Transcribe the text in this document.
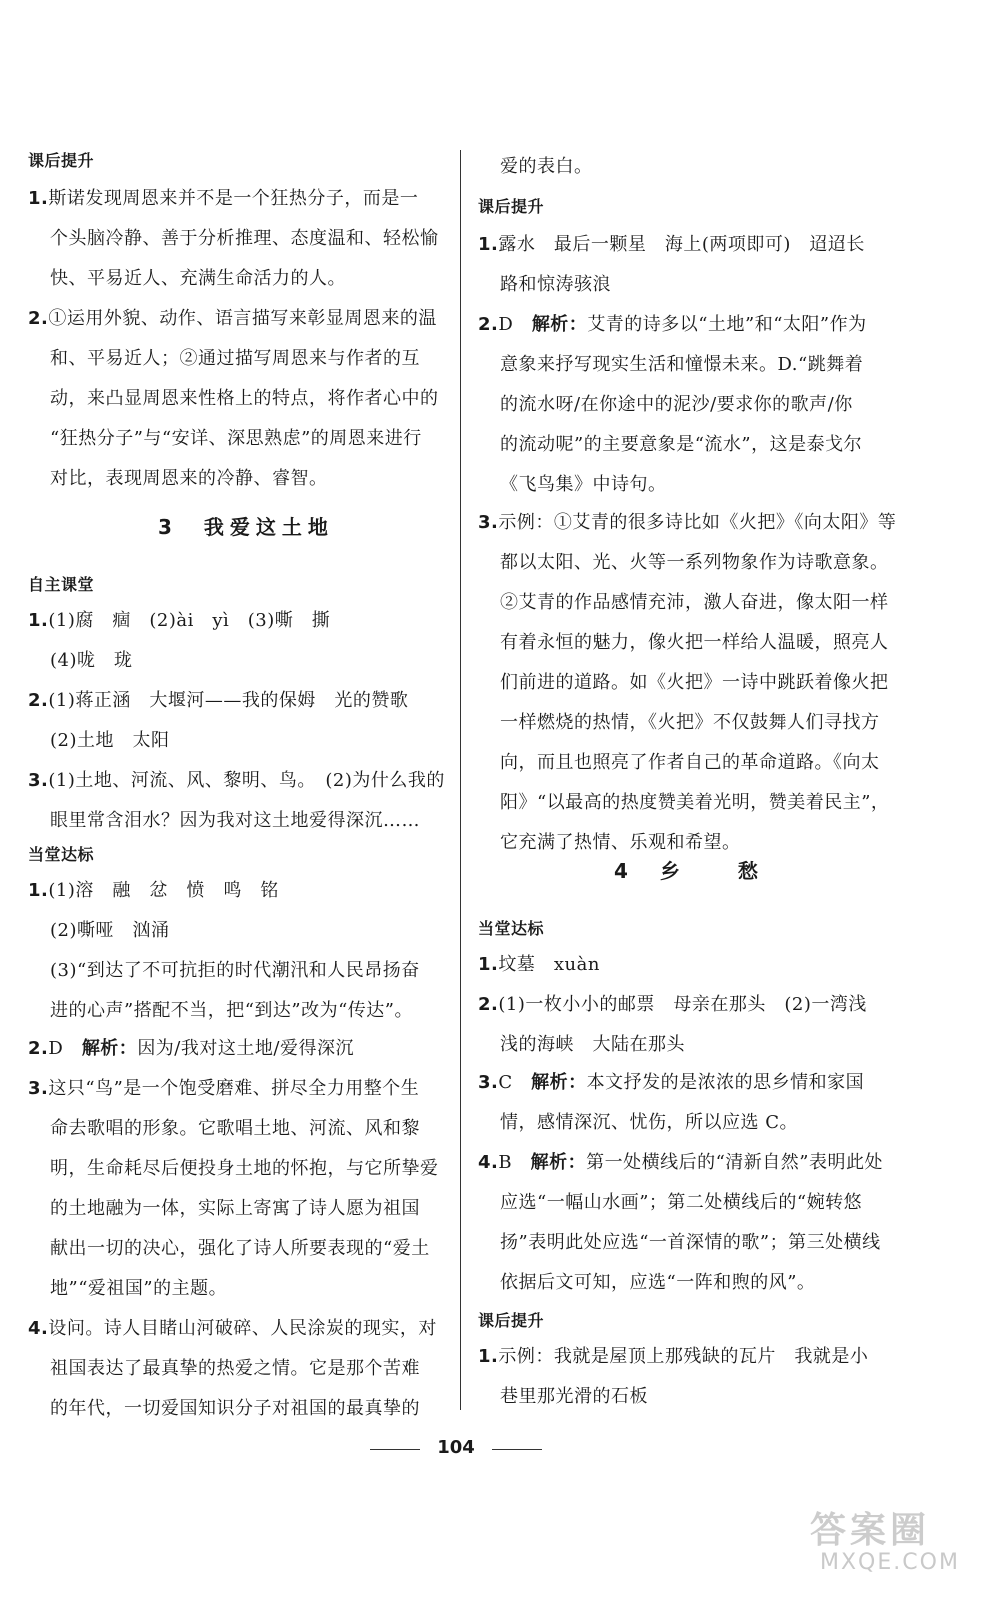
课后提升
1.斯诺发现周恩来并不是一个狂热分子，而是一
个头脑冷静、善于分析推理、态度温和、轻松愉
快、平易近人、充满生命活力的人。
2.①运用外貌、动作、语言描写来彰显周恩来的温
和、平易近人；②通过描写周恩来与作者的互
动，来凸显周恩来性格上的特点，将作者心中的
“狂热分子”与“安详、深思熟虑”的周恩来进行
对比，表现周恩来的冷静、睿智。
3　我爱这土地
自主课堂
1.(1)腐　痼　(2)ài　yì　(3)嘶　撕
(4)咙　珑
2.(1)蒋正涵　大堰河——我的保姆　光的赞歌
(2)土地　太阳
3.(1)土地、河流、风、黎明、鸟。　(2)为什么我的
眼里常含泪水？因为我对这土地爱得深沉……
当堂达标
1.(1)溶　融　忿　愤　鸣　铭
(2)嘶哑　汹涌
(3)“到达了不可抗拒的时代潮汛和人民昂扬奋
进的心声”搭配不当，把“到达”改为“传达”。
2.D　解析：因为/我对这土地/爱得深沉
3.这只“鸟”是一个饱受磨难、拼尽全力用整个生
命去歌唱的形象。它歌唱土地、河流、风和黎
明，生命耗尽后便投身土地的怀抱，与它所挚爱
的土地融为一体，实际上寄寓了诗人愿为祖国
献出一切的决心，强化了诗人所要表现的“爱土
地”“爱祖国”的主题。
4.设问。诗人目睹山河破碎、人民涂炭的现实，对
祖国表达了最真挚的热爱之情。它是那个苦难
的年代，一切爱国知识分子对祖国的最真挚的
爱的表白。
课后提升
1.露水　最后一颗星　海上(两项即可)　迢迢长
路和惊涛骇浪
2.D　解析：艾青的诗多以“土地”和“太阳”作为
意象来抒写现实生活和憧憬未来。D.“跳舞着
的流水呀/在你途中的泥沙/要求你的歌声/你
的流动呢”的主要意象是“流水”，这是泰戈尔
《飞鸟集》中诗句。
3.示例：①艾青的很多诗比如《火把》《向太阳》等
都以太阳、光、火等一系列物象作为诗歌意象。
②艾青的作品感情充沛，激人奋进，像太阳一样
有着永恒的魅力，像火把一样给人温暖，照亮人
们前进的道路。如《火把》一诗中跳跃着像火把
一样燃烧的热情，《火把》不仅鼓舞人们寻找方
向，而且也照亮了作者自己的革命道路。《向太
阳》“以最高的热度赞美着光明，赞美着民主”，
它充满了热情、乐观和希望。
4　乡　　愁
当堂达标
1.坟墓　xuàn
2.(1)一枚小小的邮票　母亲在那头　(2)一湾浅
浅的海峡　大陆在那头
3.C　解析：本文抒发的是浓浓的思乡情和家国
情，感情深沉、忧伤，所以应选 C。
4.B　解析：第一处横线后的“清新自然”表明此处
应选“一幅山水画”；第二处横线后的“婉转悠
扬”表明此处应选“一首深情的歌”；第三处横线
依据后文可知，应选“一阵和煦的风”。
课后提升
1.示例：我就是屋顶上那残缺的瓦片　我就是小
巷里那光滑的石板
104
答案圈
MXQE.COM
